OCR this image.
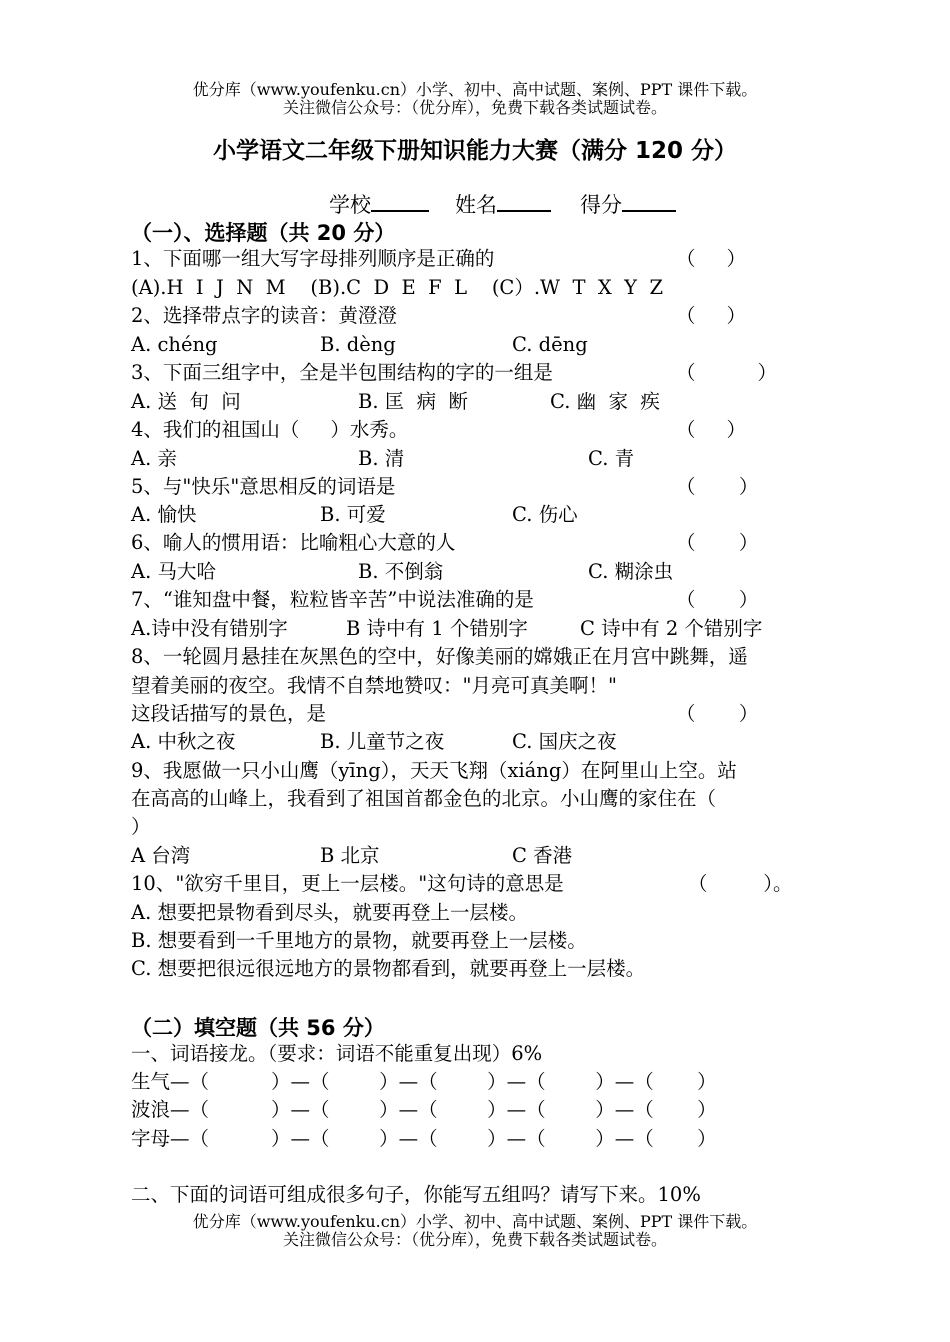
优分库（www.youfenku.cn）小学、初中、高中试题、案例、PPT 课件下载。
关注微信公众号：（优分库），免费下载各类试题试卷。
小学语文二年级下册知识能力大赛（满分 120 分）
学校	姓名	得分
（一）、选择题（共 20 分）
1、下面哪一组大写字母排列顺序是正确的	（     ）
(A).H  I  J  N  M    (B).C  D  E  F  L    (C）.W  T  X  Y  Z
2、选择带点字的读音：黄澄澄	（     ）
A. chéng	B. dèng	C. dēng
3、下面三组字中，全是半包围结构的字的一组是	（          ）
A. 送  旬  问	B. 匡  病  断	C. 幽  家  疾
4、我们的祖国山（     ）水秀。	（     ）
A. 亲	B. 清	C. 青
5、与"快乐"意思相反的词语是	（       ）
A. 愉快	B. 可爱	C. 伤心
6、喻人的惯用语：比喻粗心大意的人	（       ）
A. 马大哈	B. 不倒翁	C. 糊涂虫
7、“谁知盘中餐，粒粒皆辛苦”中说法准确的是	（       ）
A.诗中没有错别字	B 诗中有 1 个错别字	C 诗中有 2 个错别字
8、一轮圆月悬挂在灰黑色的空中，好像美丽的嫦娥正在月宫中跳舞，遥
望着美丽的夜空。我情不自禁地赞叹："月亮可真美啊！"
这段话描写的景色，是	（       ）
A. 中秋之夜	B. 儿童节之夜	C. 国庆之夜
9、我愿做一只小山鹰（yīng），天天飞翔（xiáng）在阿里山上空。站
在高高的山峰上，我看到了祖国首都金色的北京。小山鹰的家住在（
）
A 台湾	B 北京	C 香港
10、"欲穷千里目，更上一层楼。"这句诗的意思是	（         ）。
A. 想要把景物看到尽头，就要再登上一层楼。
B. 想要看到一千里地方的景物，就要再登上一层楼。
C. 想要把很远很远地方的景物都看到，就要再登上一层楼。
（二）填空题（共 56 分）
一、词语接龙。（要求：词语不能重复出现）6%
生气—（          ）—（        ）—（        ）—（        ）—（       ）
波浪—（          ）—（        ）—（        ）—（        ）—（       ）
字母—（          ）—（        ）—（        ）—（        ）—（       ）
二、下面的词语可组成很多句子，你能写五组吗？请写下来。10%
优分库（www.youfenku.cn）小学、初中、高中试题、案例、PPT 课件下载。
关注微信公众号：（优分库），免费下载各类试题试卷。
